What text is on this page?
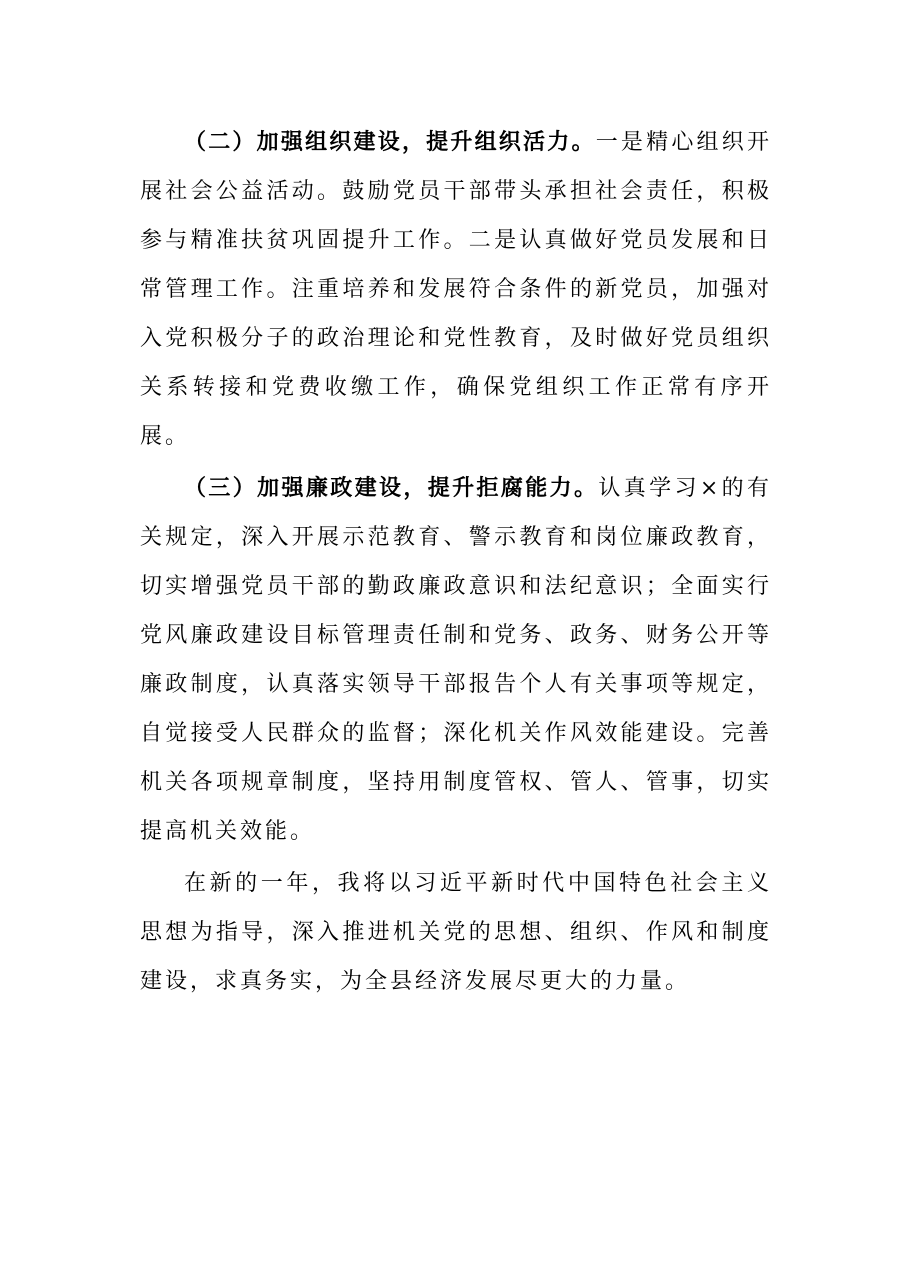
（二）加强组织建设，提升组织活力。一是精心组织开展社会公益活动。鼓励党员干部带头承担社会责任，积极参与精准扶贫巩固提升工作。二是认真做好党员发展和日常管理工作。注重培养和发展符合条件的新党员，加强对入党积极分子的政治理论和党性教育，及时做好党员组织关系转接和党费收缴工作，确保党组织工作正常有序开展。

（三）加强廉政建设，提升拒腐能力。认真学习×的有关规定，深入开展示范教育、警示教育和岗位廉政教育，切实增强党员干部的勤政廉政意识和法纪意识；全面实行党风廉政建设目标管理责任制和党务、政务、财务公开等廉政制度，认真落实领导干部报告个人有关事项等规定，自觉接受人民群众的监督；深化机关作风效能建设。完善机关各项规章制度，坚持用制度管权、管人、管事，切实提高机关效能。

在新的一年，我将以习近平新时代中国特色社会主义思想为指导，深入推进机关党的思想、组织、作风和制度建设，求真务实，为全县经济发展尽更大的力量。
